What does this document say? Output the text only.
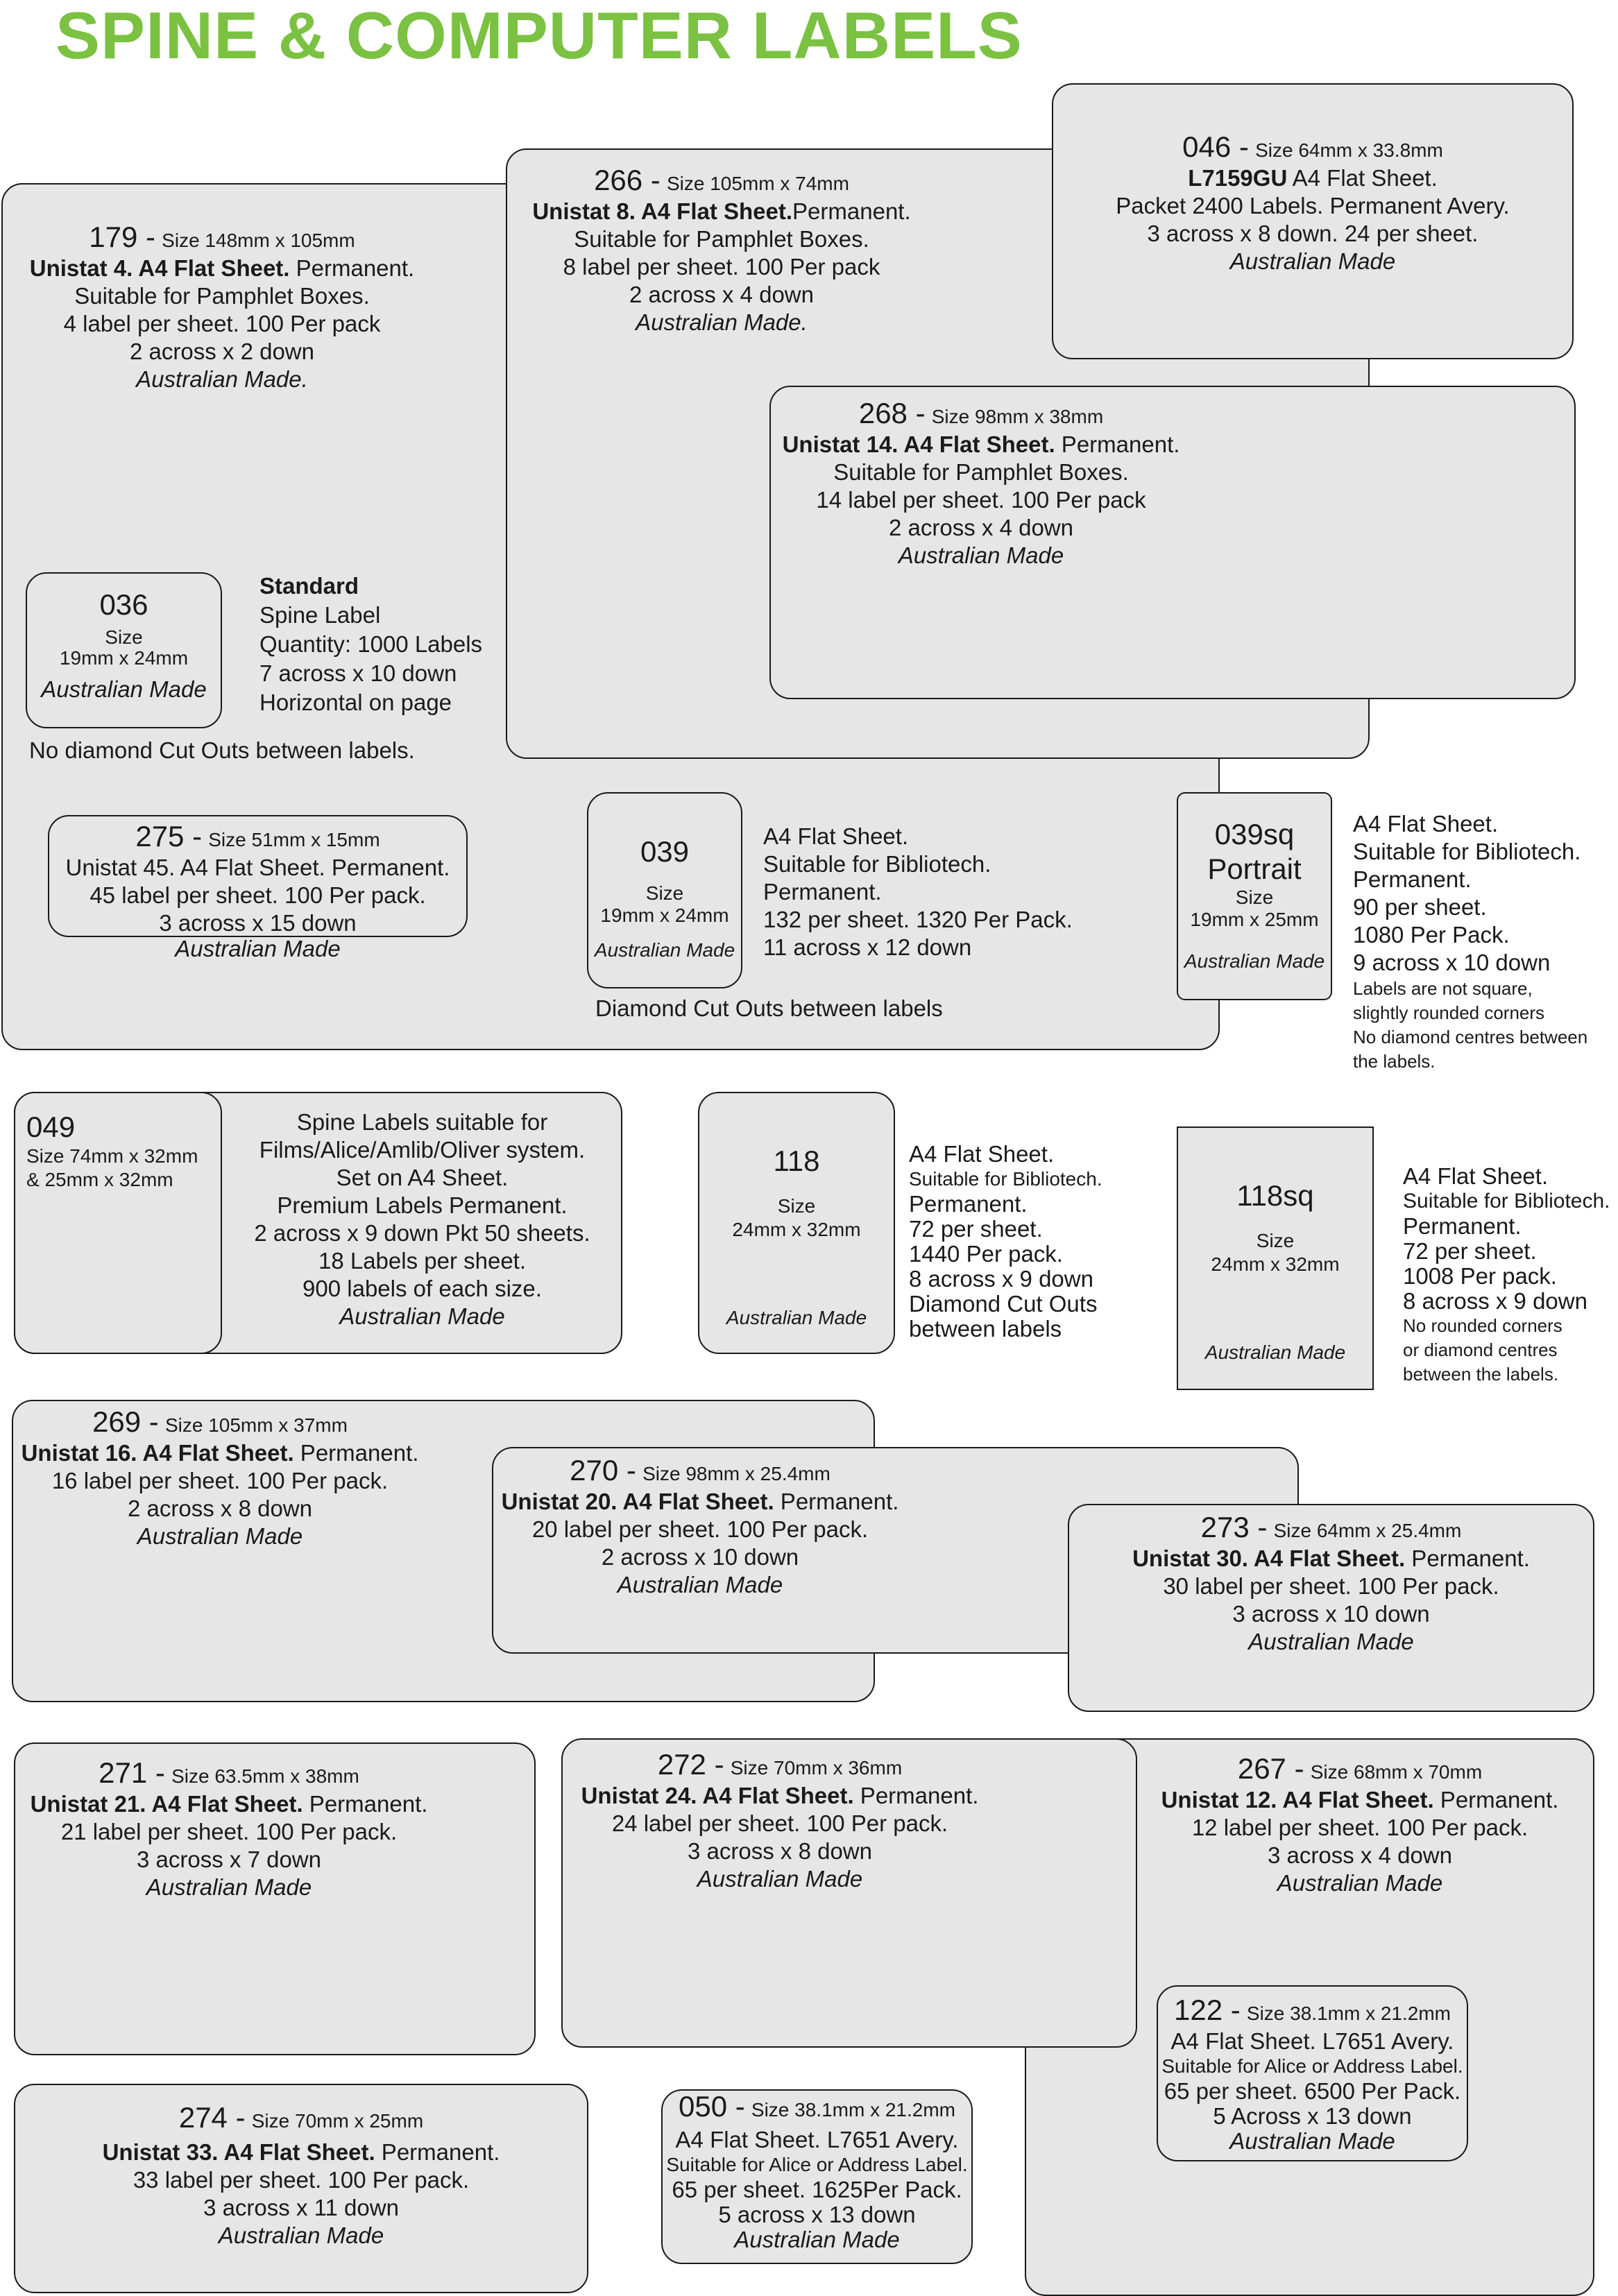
SPINE & COMPUTER LABELS
179 - Size 148mm x 105mm
Unistat 4. A4 Flat Sheet. Permanent.
Suitable for Pamphlet Boxes.
4 label per sheet. 100 Per pack
2 across x 2 down
Australian Made.
266 - Size 105mm x 74mm
Unistat 8. A4 Flat Sheet.Permanent.
Suitable for Pamphlet Boxes.
8 label per sheet. 100 Per pack
2 across x 4 down
Australian Made.
046 - Size 64mm x 33.8mm
L7159GU A4 Flat Sheet.
Packet 2400 Labels. Permanent Avery.
3 across x 8 down. 24 per sheet.
Australian Made
268 - Size 98mm x 38mm
Unistat 14. A4 Flat Sheet. Permanent.
Suitable for Pamphlet Boxes.
14 label per sheet. 100 Per pack
2 across x 4 down
Australian Made
036
Size
19mm x 24mm
Australian Made
Standard
Spine Label
Quantity: 1000 Labels
7 across x 10 down
Horizontal on page
No diamond Cut Outs between labels.
275 - Size 51mm x 15mm
Unistat 45. A4 Flat Sheet. Permanent.
45 label per sheet. 100 Per pack.
3 across x 15 down
Australian Made
039
Size
19mm x 24mm
Australian Made
A4 Flat Sheet.
Suitable for Bibliotech.
Permanent.
132 per sheet. 1320 Per Pack.
11 across x 12 down
Diamond Cut Outs between labels
039sq
Portrait
Size
19mm x 25mm
Australian Made
A4 Flat Sheet.
Suitable for Bibliotech.
Permanent.
90 per sheet.
1080 Per Pack.
9 across x 10 down
Labels are not square,
slightly rounded corners
No diamond centres between
the labels.
049
Size 74mm x 32mm
& 25mm x 32mm
Spine Labels suitable for
Films/Alice/Amlib/Oliver system.
Set on A4 Sheet.
Premium Labels Permanent.
2 across x 9 down Pkt 50 sheets.
18 Labels per sheet.
900 labels of each size.
Australian Made
118
Size
24mm x 32mm
Australian Made
A4 Flat Sheet.
Suitable for Bibliotech.
Permanent.
72 per sheet.
1440 Per pack.
8 across x 9 down
Diamond Cut Outs
between labels
118sq
Size
24mm x 32mm
Australian Made
A4 Flat Sheet.
Suitable for Bibliotech.
Permanent.
72 per sheet.
1008 Per pack.
8 across x 9 down
No rounded corners
or diamond centres
between the labels.
269 - Size 105mm x 37mm
Unistat 16. A4 Flat Sheet. Permanent.
16 label per sheet. 100 Per pack.
2 across x 8 down
Australian Made
270 - Size 98mm x 25.4mm
Unistat 20. A4 Flat Sheet. Permanent.
20 label per sheet. 100 Per pack.
2 across x 10 down
Australian Made
273 - Size 64mm x 25.4mm
Unistat 30. A4 Flat Sheet. Permanent.
30 label per sheet. 100 Per pack.
3 across x 10 down
Australian Made
271 - Size 63.5mm x 38mm
Unistat 21. A4 Flat Sheet. Permanent.
21 label per sheet. 100 Per pack.
3 across x 7 down
Australian Made
272 - Size 70mm x 36mm
Unistat 24. A4 Flat Sheet. Permanent.
24 label per sheet. 100 Per pack.
3 across x 8 down
Australian Made
267 - Size 68mm x 70mm
Unistat 12. A4 Flat Sheet. Permanent.
12 label per sheet. 100 Per pack.
3 across x 4 down
Australian Made
122 - Size 38.1mm x 21.2mm
A4 Flat Sheet. L7651 Avery.
Suitable for Alice or Address Label.
65 per sheet. 6500 Per Pack.
5 Across x 13 down
Australian Made
274 - Size 70mm x 25mm
Unistat 33. A4 Flat Sheet. Permanent.
33 label per sheet. 100 Per pack.
3 across x 11 down
Australian Made
050 - Size 38.1mm x 21.2mm
A4 Flat Sheet. L7651 Avery.
Suitable for Alice or Address Label.
65 per sheet. 1625Per Pack.
5 across x 13 down
Australian Made
